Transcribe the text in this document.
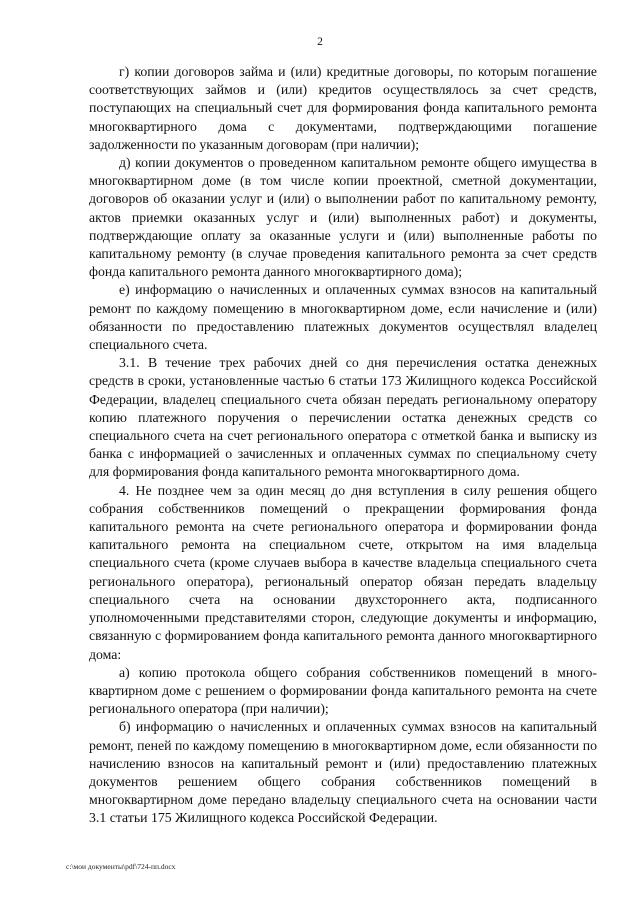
2

г) копии договоров займа и (или) кредитные договоры, по которым погашение соответствующих займов и (или) кредитов осуществлялось за счет средств, поступающих на специальный счет для формирования фонда капитального ремонта многоквартирного дома с документами, подтверждающими погашение задолженности по указанным договорам (при наличии);

д) копии документов о проведенном капитальном ремонте общего имущества в многоквартирном доме (в том числе копии проектной, сметной документации, договоров об оказании услуг и (или) о выполнении работ по капитальному ремонту, актов приемки оказанных услуг и (или) выполненных работ) и документы, подтверждающие оплату за оказанные услуги и (или) выполненные работы по капитальному ремонту (в случае проведения капитального ремонта за счет средств фонда капитального ремонта данного многоквартирного дома);

е) информацию о начисленных и оплаченных суммах взносов на капитальный ремонт по каждому помещению в многоквартирном доме, если начисление и (или) обязанности по предоставлению платежных документов осуществлял владелец специального счета.

3.1. В течение трех рабочих дней со дня перечисления остатка денежных средств в сроки, установленные частью 6 статьи 173 Жилищного кодекса Российской Федерации, владелец специального счета обязан передать региональному оператору копию платежного поручения о перечислении остатка денежных средств со специального счета на счет регионального оператора с отметкой банка и выписку из банка с информацией о зачисленных и оплаченных суммах по специальному счету для формирования фонда капитального ремонта многоквартирного дома.

4. Не позднее чем за один месяц до дня вступления в силу решения общего собрания собственников помещений о прекращении формирования фонда капитального ремонта на счете регионального оператора и формировании фонда капитального ремонта на специальном счете, открытом на имя владельца специального счета (кроме случаев выбора в качестве владельца специального счета регионального оператора), региональный оператор обязан передать владельцу специального счета на основании двухстороннего акта, подписанного уполномоченными представителями сторон, следующие документы и информацию, связанную с формированием фонда капитального ремонта данного многоквартирного дома:

а) копию протокола общего собрания собственников помещений в многоквартирном доме с решением о формировании фонда капитального ремонта на счете регионального оператора (при наличии);

б) информацию о начисленных и оплаченных суммах взносов на капитальный ремонт, пеней по каждому помещению в многоквартирном доме, если обязанности по начислению взносов на капитальный ремонт и (или) предоставлению платежных документов решением общего собрания собственников помещений в многоквартирном доме передано владельцу специального счета на основании части 3.1 статьи 175 Жилищного кодекса Российской Федерации.

c:\мои документы\pdf\724-пп.docx
